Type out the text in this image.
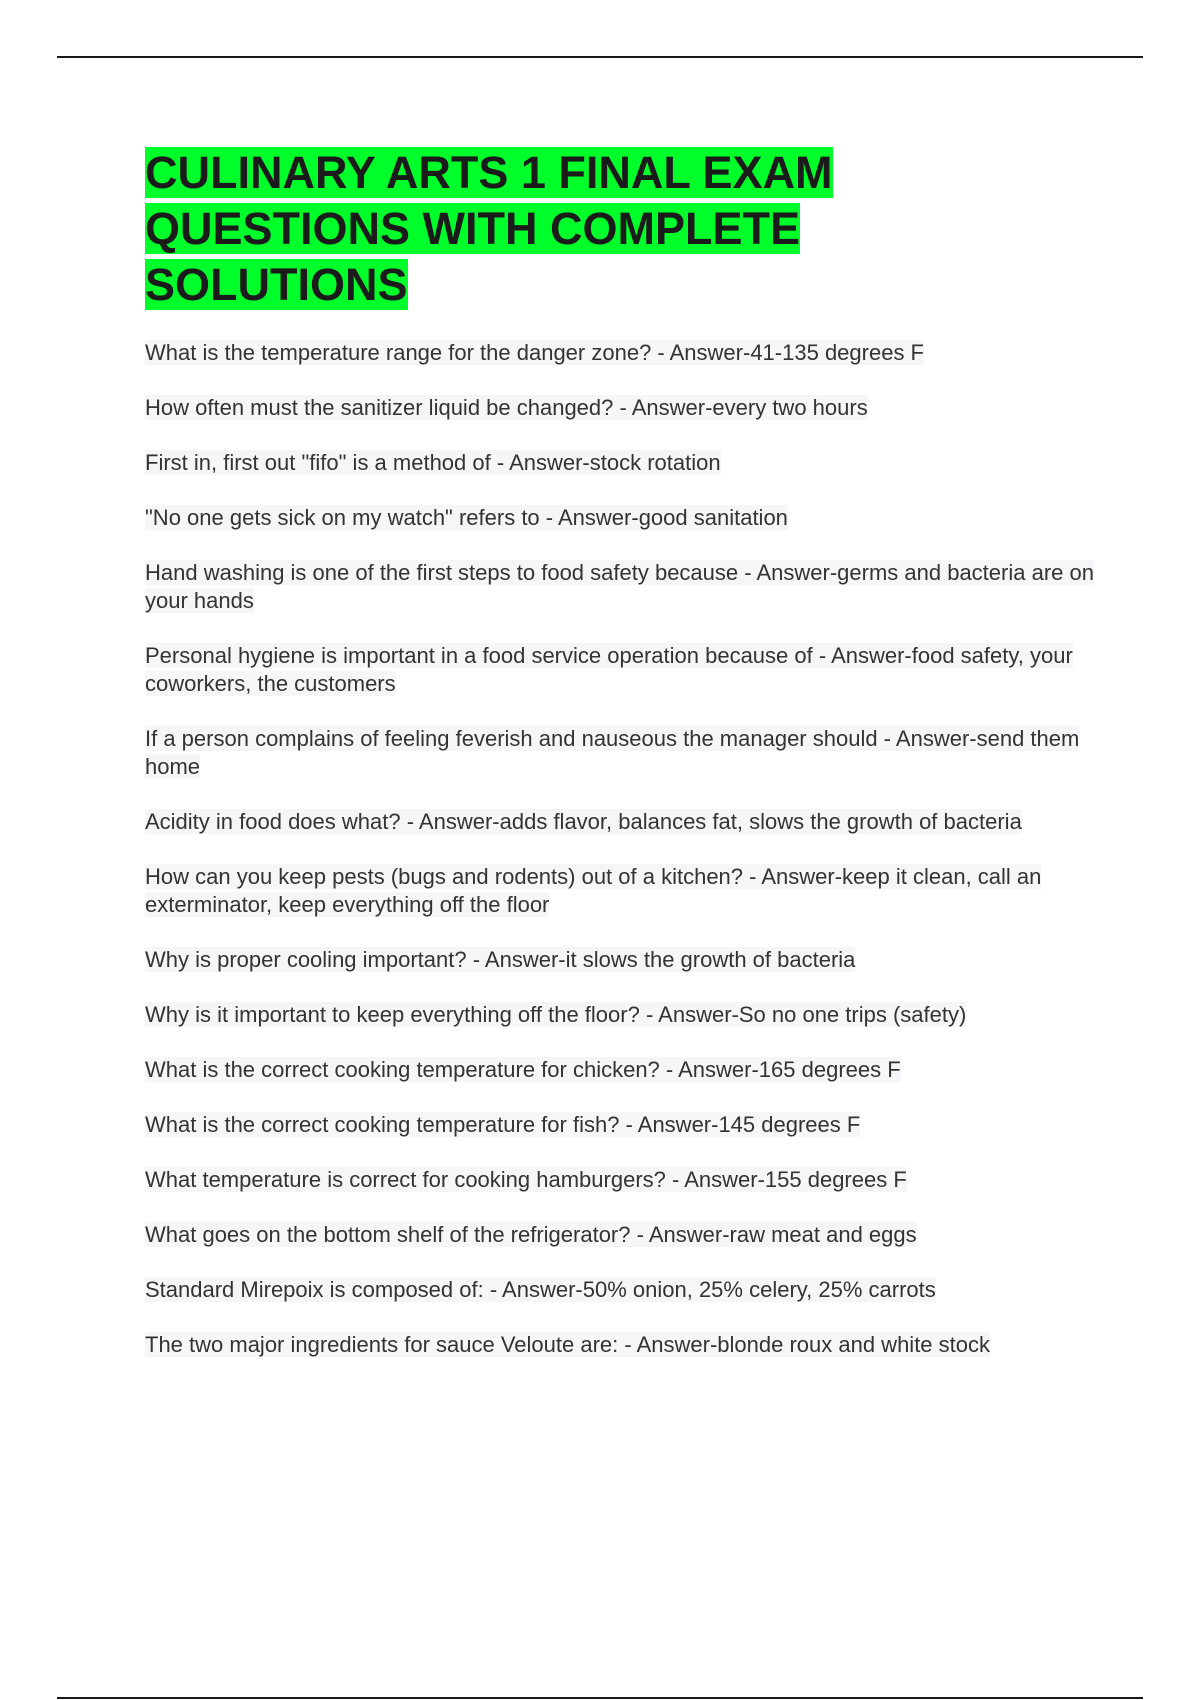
CULINARY ARTS 1 FINAL EXAM QUESTIONS WITH COMPLETE SOLUTIONS
What is the temperature range for the danger zone? - Answer-41-135 degrees F
How often must the sanitizer liquid be changed? - Answer-every two hours
First in, first out "fifo" is a method of - Answer-stock rotation
"No one gets sick on my watch" refers to - Answer-good sanitation
Hand washing is one of the first steps to food safety because - Answer-germs and bacteria are on your hands
Personal hygiene is important in a food service operation because of - Answer-food safety, your coworkers, the customers
If a person complains of feeling feverish and nauseous the manager should - Answer-send them home
Acidity in food does what? - Answer-adds flavor, balances fat, slows the growth of bacteria
How can you keep pests (bugs and rodents) out of a kitchen? - Answer-keep it clean, call an exterminator, keep everything off the floor
Why is proper cooling important? - Answer-it slows the growth of bacteria
Why is it important to keep everything off the floor? - Answer-So no one trips (safety)
What is the correct cooking temperature for chicken? - Answer-165 degrees F
What is the correct cooking temperature for fish? - Answer-145 degrees F
What temperature is correct for cooking hamburgers? - Answer-155 degrees F
What goes on the bottom shelf of the refrigerator? - Answer-raw meat and eggs
Standard Mirepoix is composed of: - Answer-50% onion, 25% celery, 25% carrots
The two major ingredients for sauce Veloute are: - Answer-blonde roux and white stock
